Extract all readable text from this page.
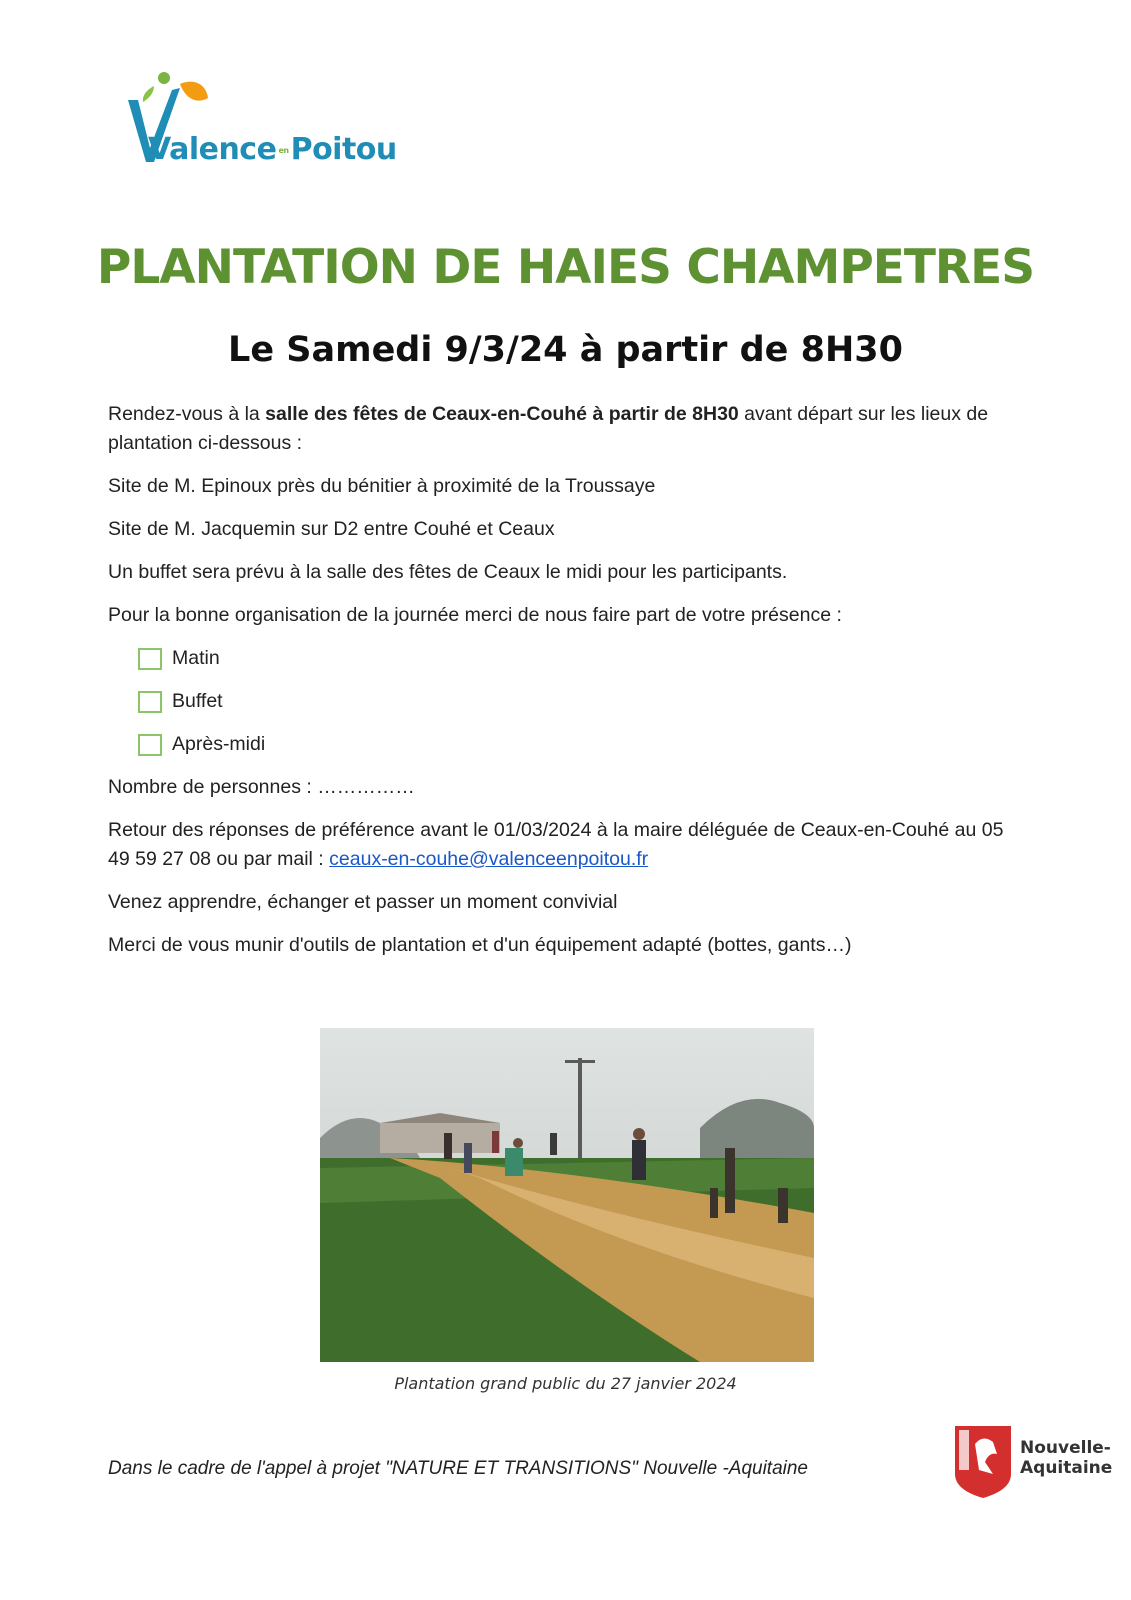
Valence enPoitou
PLANTATION DE HAIES CHAMPETRES
Le Samedi 9/3/24 à partir de 8H30

Rendez-vous à la salle des fêtes de Ceaux-en-Couhé à partir de 8H30 avant départ sur les lieux de plantation ci-dessous :

Site de M. Epinoux près du bénitier à proximité de la Troussaye

Site de M. Jacquemin sur D2 entre Couhé et Ceaux

Un buffet sera prévu à la salle des fêtes de Ceaux le midi pour les participants.

Pour la bonne organisation de la journée merci de nous faire part de votre présence :

Matin
Buffet
Après-midi

Nombre de personnes : ……………

Retour des réponses de préférence avant le 01/03/2024 à la maire déléguée de Ceaux-en-Couhé au 05 49 59 27 08 ou par mail : ceaux-en-couhe@valenceenpoitou.fr

Venez apprendre, échanger et passer un moment convivial

Merci de vous munir d'outils de plantation et d'un équipement adapté (bottes, gants…)

Plantation grand public du 27 janvier 2024
Dans le cadre de l'appel à projet "NATURE ET TRANSITIONS" Nouvelle -Aquitaine
Nouvelle-
Aquitaine
